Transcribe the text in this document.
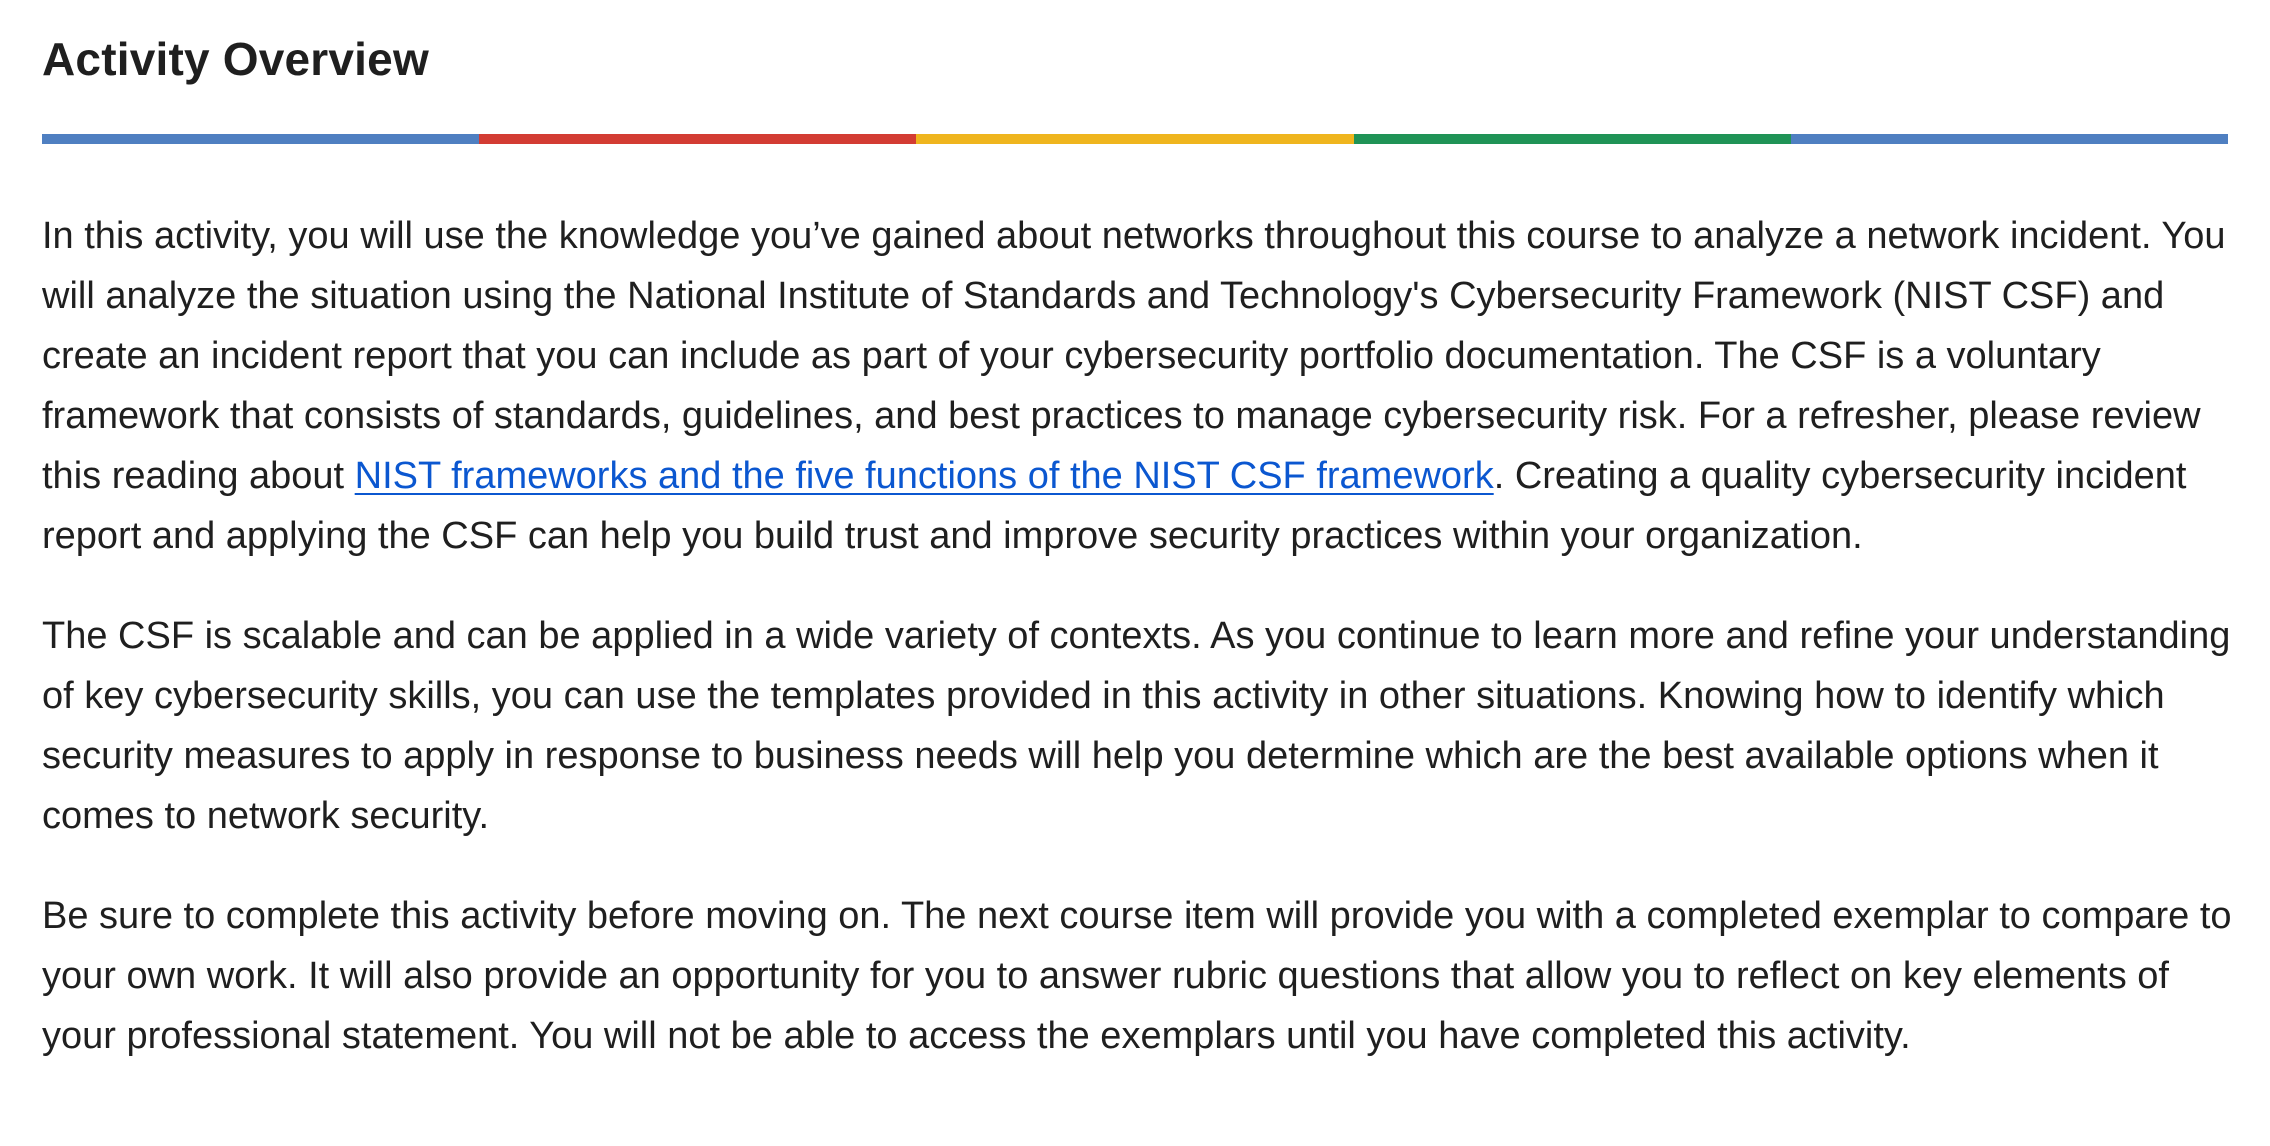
Activity Overview

In this activity, you will use the knowledge you’ve gained about networks throughout this course to analyze a network incident. You
will analyze the situation using the National Institute of Standards and Technology's Cybersecurity Framework (NIST CSF) and
create an incident report that you can include as part of your cybersecurity portfolio documentation. The CSF is a voluntary
framework that consists of standards, guidelines, and best practices to manage cybersecurity risk. For a refresher, please review
this reading about NIST frameworks and the five functions of the NIST CSF framework. Creating a quality cybersecurity incident
report and applying the CSF can help you build trust and improve security practices within your organization.

The CSF is scalable and can be applied in a wide variety of contexts. As you continue to learn more and refine your understanding
of key cybersecurity skills, you can use the templates provided in this activity in other situations. Knowing how to identify which
security measures to apply in response to business needs will help you determine which are the best available options when it
comes to network security.

Be sure to complete this activity before moving on. The next course item will provide you with a completed exemplar to compare to
your own work. It will also provide an opportunity for you to answer rubric questions that allow you to reflect on key elements of
your professional statement. You will not be able to access the exemplars until you have completed this activity.
